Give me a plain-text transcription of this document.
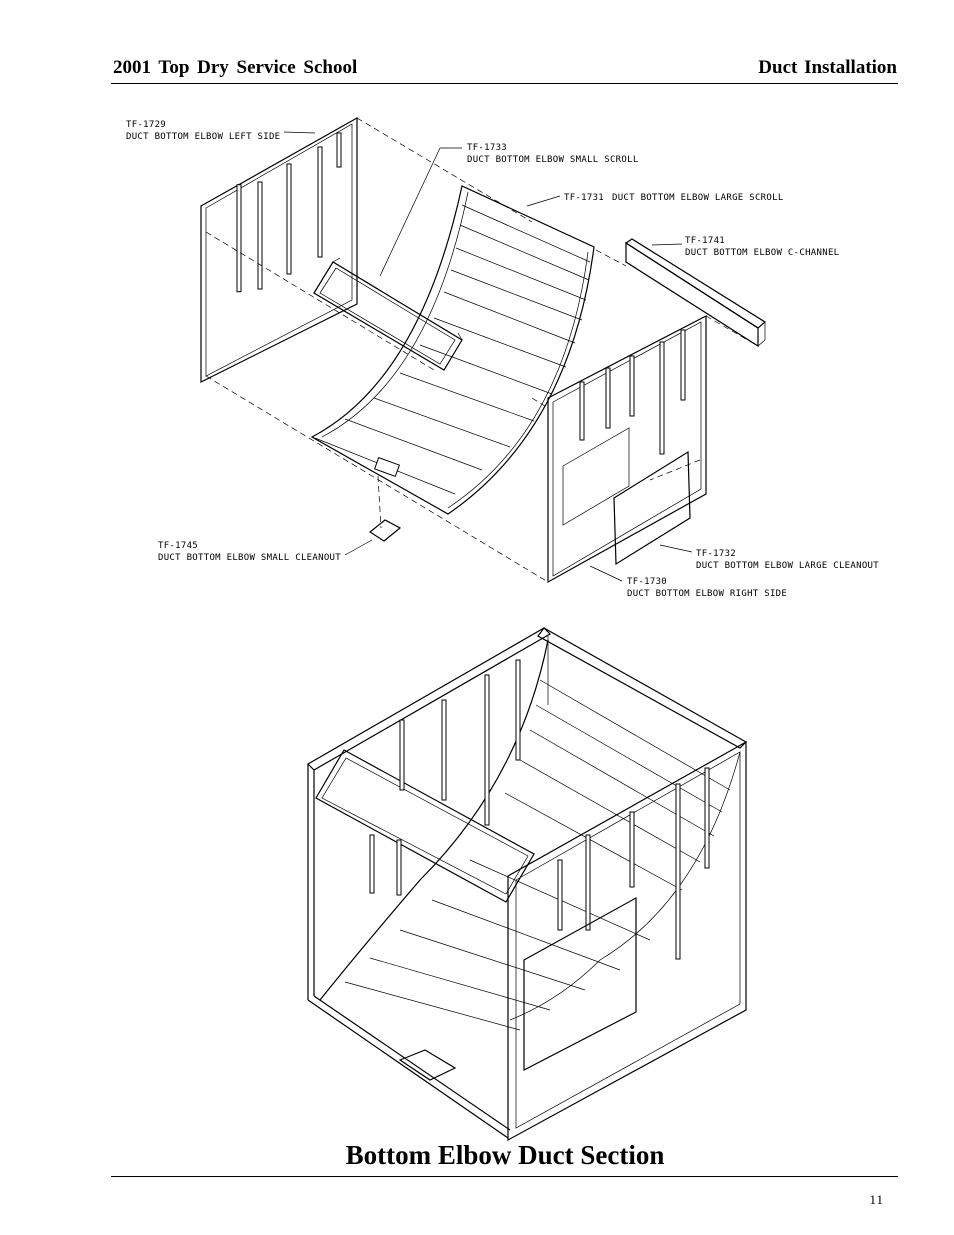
2001 Top Dry Service School	Duct Installation
TF-1729
DUCT BOTTOM ELBOW LEFT SIDE
TF-1733
DUCT BOTTOM ELBOW SMALL SCROLL
TF-1731 DUCT BOTTOM ELBOW LARGE SCROLL
TF-1741
DUCT BOTTOM ELBOW C-CHANNEL
TF-1745
DUCT BOTTOM ELBOW SMALL CLEANOUT	TF-1732
DUCT BOTTOM ELBOW LARGE CLEANOUT
TF-1730
DUCT BOTTOM ELBOW RIGHT SIDE
Bottom Elbow Duct Section
11
